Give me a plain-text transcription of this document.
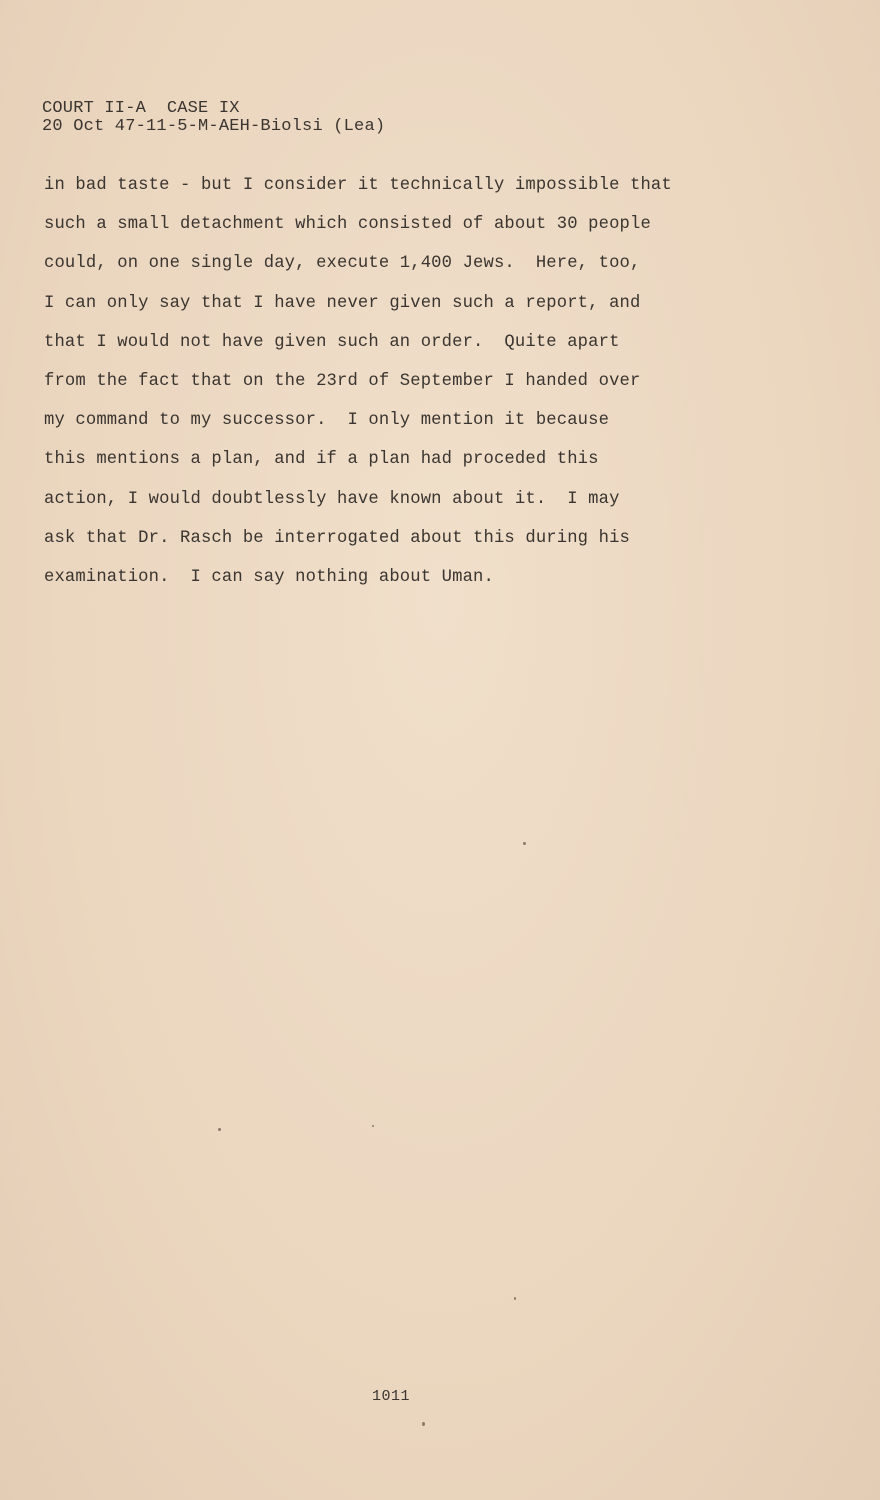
COURT II-A  CASE IX
20 Oct 47-11-5-M-AEH-Biolsi (Lea)
in bad taste - but I consider it technically impossible that
such a small detachment which consisted of about 30 people
could, on one single day, execute 1,400 Jews.  Here, too,
I can only say that I have never given such a report, and
that I would not have given such an order.  Quite apart
from the fact that on the 23rd of September I handed over
my command to my successor.  I only mention it because
this mentions a plan, and if a plan had proceded this
action, I would doubtlessly have known about it.  I may
ask that Dr. Rasch be interrogated about this during his
examination.  I can say nothing about Uman.
1011
